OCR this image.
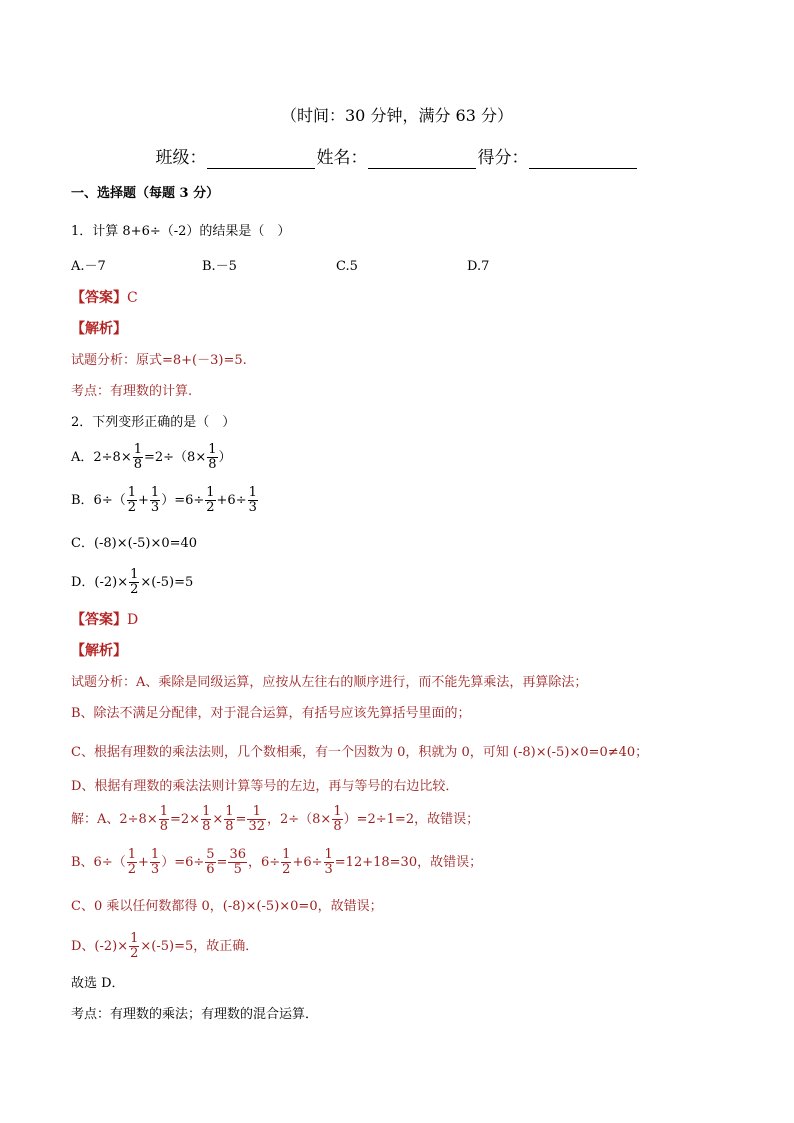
（时间：30 分钟，满分 63 分）
班级：	姓名：	得分：
一、选择题（每题 3 分）
1．计算 8+6÷（-2）的结果是（　）
A.－7	B.－5	C.5	D.7
【答案】C
【解析】
试题分析：原式=8+(－3)=5.
考点：有理数的计算.
2．下列变形正确的是（　）
A．$2\div 8\times \frac{1}{8} =2\div(8\times \frac{1}{8}$ ）
B．$6\div( \frac{1}{2} + \frac{1}{3} )=6\div \frac{1}{2} +6\div \frac{1}{3}$
C．(-8)×(-5)×0=40
D．$(-2)\times \frac{1}{2} \times(-5)=5$
【答案】D
【解析】
试题分析：A、乘除是同级运算，应按从左往右的顺序进行，而不能先算乘法，再算除法；
B、除法不满足分配律，对于混合运算，有括号应该先算括号里面的；
C、根据有理数的乘法法则，几个数相乘，有一个因数为 0，积就为 0，可知 (-8)×(-5)×0=0≠40；
D、根据有理数的乘法法则计算等号的左边，再与等号的右边比较．
解：A、$2\div 8\times \frac{1}{8} =2\times \frac{1}{8} \times \frac{1}{8} = \frac{1}{32}$ ，$2\div(8\times \frac{1}{8} )=2\div 1=2$，故错误；
B、$6\div( \frac{1}{2} + \frac{1}{3} )=6\div \frac{5}{6} = \frac{36}{5}$ ，$6\div \frac{1}{2} +6\div \frac{1}{3} =12+18=30$，故错误；
C、0 乘以任何数都得 0，(-8)×(-5)×0=0，故错误；
D、$(-2)\times \frac{1}{2} \times(-5)=5$，故正确．
故选 D．
考点：有理数的乘法；有理数的混合运算．
